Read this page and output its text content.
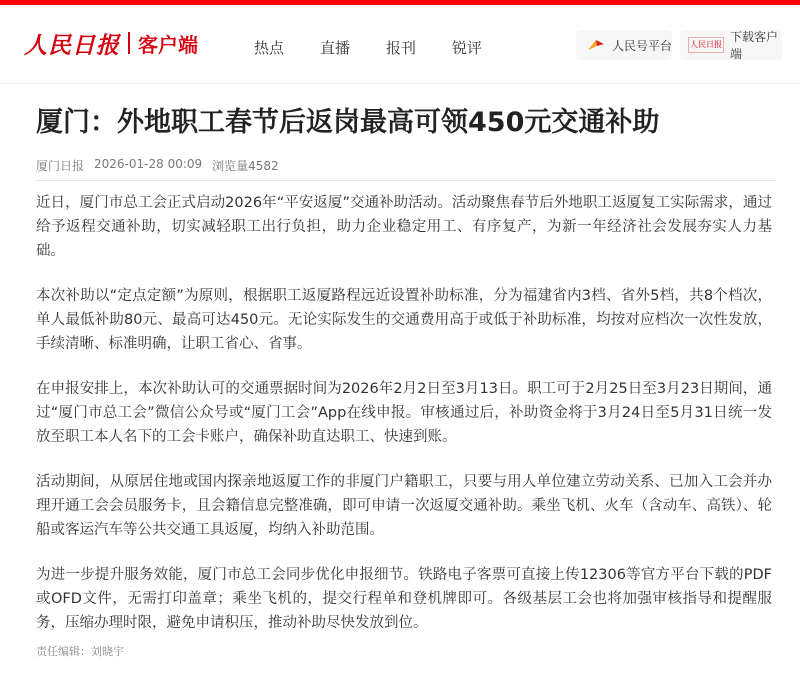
人民日报 客户端	热点 直播 报刊 锐评	人民号平台 人民日报
下载客户端
厦门：外地职工春节后返岗最高可领450元交通补助
厦门日报 2026-01-28 00:09 浏览量4582

近日，厦门市总工会正式启动2026年“平安返厦”交通补助活动。活动聚焦春节后外地职工返厦复工实际需求，通过给予返程交通补助，切实减轻职工出行负担，助力企业稳定用工、有序复产，为新一年经济社会发展夯实人力基础。

本次补助以“定点定额”为原则，根据职工返厦路程远近设置补助标准，分为福建省内3档、省外5档，共8个档次，单人最低补助80元、最高可达450元。无论实际发生的交通费用高于或低于补助标准，均按对应档次一次性发放，手续清晰、标准明确，让职工省心、省事。

在申报安排上，本次补助认可的交通票据时间为2026年2月2日至3月13日。职工可于2月25日至3月23日期间，通过“厦门市总工会”微信公众号或“厦门工会”App在线申报。审核通过后，补助资金将于3月24日至5月31日统一发放至职工本人名下的工会卡账户，确保补助直达职工、快速到账。

活动期间，从原居住地或国内探亲地返厦工作的非厦门户籍职工，只要与用人单位建立劳动关系、已加入工会并办理开通工会会员服务卡，且会籍信息完整准确，即可申请一次返厦交通补助。乘坐飞机、火车（含动车、高铁）、轮船或客运汽车等公共交通工具返厦，均纳入补助范围。

为进一步提升服务效能，厦门市总工会同步优化申报细节。铁路电子客票可直接上传12306等官方平台下载的PDF或OFD文件，无需打印盖章；乘坐飞机的，提交行程单和登机牌即可。各级基层工会也将加强审核指导和提醒服务，压缩办理时限，避免申请积压，推动补助尽快发放到位。

责任编辑：刘晓宇
